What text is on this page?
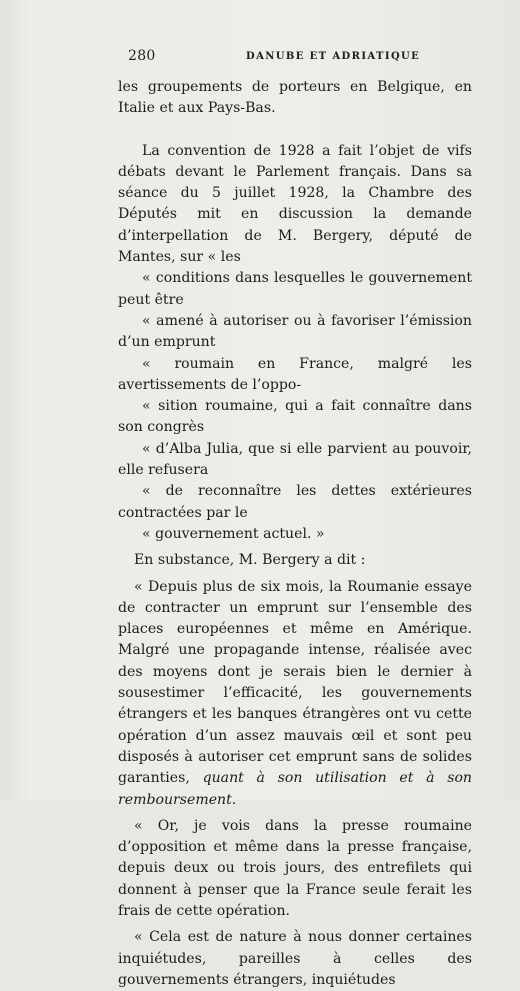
280	DANUBE ET ADRIATIQUE

les groupements de porteurs en Belgique, en Italie et aux Pays-Bas.

La convention de 1928 a fait l’objet de vifs débats devant le Parlement français. Dans sa séance du 5 juillet 1928, la Chambre des Députés mit en discussion la demande d’interpellation de M. Bergery, député de Mantes, sur « les
« conditions dans lesquelles le gouvernement peut être
« amené à autoriser ou à favoriser l’émission d’un emprunt
« roumain en France, malgré les avertissements de l’oppo-
« sition roumaine, qui a fait connaître dans son congrès
« d’Alba Julia, que si elle parvient au pouvoir, elle refusera
« de reconnaître les dettes extérieures contractées par le
« gouvernement actuel. »

En substance, M. Bergery a dit :

« Depuis plus de six mois, la Roumanie essaye de contracter un emprunt sur l’ensemble des places européennes et même en Amérique. Malgré une propagande intense, réalisée avec des moyens dont je serais bien le dernier à sousestimer l’efficacité, les gouvernements étrangers et les banques étrangères ont vu cette opération d’un assez mauvais œil et sont peu disposés à autoriser cet emprunt sans de solides garanties, quant à son utilisation et à son remboursement.

« Or, je vois dans la presse roumaine d’opposition et même dans la presse française, depuis deux ou trois jours, des entrefilets qui donnent à penser que la France seule ferait les frais de cette opération.

« Cela est de nature à nous donner certaines inquiétudes, pareilles à celles des gouvernements étrangers, inquiétudes
